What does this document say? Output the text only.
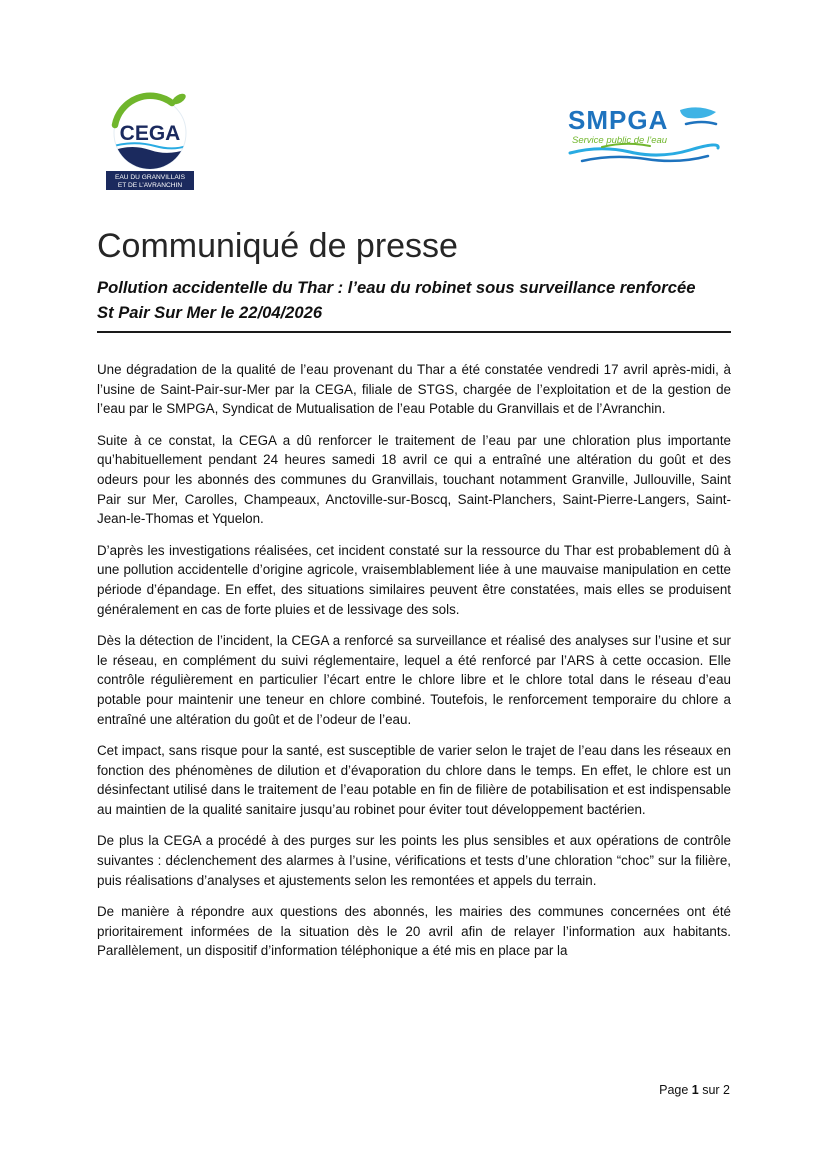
CEGA
EAU DU GRANVILLAIS
ET DE L’AVRANCHIN
SMPGA
Service public de l’eau
Communiqué de presse

Pollution accidentelle du Thar : l’eau du robinet sous surveillance renforcée

St Pair Sur Mer le 22/04/2026

Une dégradation de la qualité de l’eau provenant du Thar a été constatée vendredi 17 avril après-midi, à l’usine de Saint-Pair-sur-Mer par la CEGA, filiale de STGS, chargée de l’exploitation et de la gestion de l’eau par le SMPGA, Syndicat de Mutualisation de l’eau Potable du Granvillais et de l’Avranchin.

Suite à ce constat, la CEGA a dû renforcer le traitement de l’eau par une chloration plus importante qu’habituellement pendant 24 heures samedi 18 avril ce qui a entraîné une altération du goût et des odeurs pour les abonnés des communes du Granvillais, touchant notamment Granville, Jullouville, Saint Pair sur Mer, Carolles, Champeaux, Anctoville-sur-Boscq, Saint-Planchers, Saint-Pierre-Langers, Saint-Jean-le-Thomas et Yquelon.

D’après les investigations réalisées, cet incident constaté sur la ressource du Thar est probablement dû à une pollution accidentelle d’origine agricole, vraisemblablement liée à une mauvaise manipulation en cette période d’épandage. En effet, des situations similaires peuvent être constatées, mais elles se produisent généralement en cas de forte pluies et de lessivage des sols.

Dès la détection de l’incident, la CEGA a renforcé sa surveillance et réalisé des analyses sur l’usine et sur le réseau, en complément du suivi réglementaire, lequel a été renforcé par l’ARS à cette occasion. Elle contrôle régulièrement en particulier l’écart entre le chlore libre et le chlore total dans le réseau d’eau potable pour maintenir une teneur en chlore combiné. Toutefois, le renforcement temporaire du chlore a entraîné une altération du goût et de l’odeur de l’eau.

Cet impact, sans risque pour la santé, est susceptible de varier selon le trajet de l’eau dans les réseaux en fonction des phénomènes de dilution et d’évaporation du chlore dans le temps. En effet, le chlore est un désinfectant utilisé dans le traitement de l’eau potable en fin de filière de potabilisation et est indispensable au maintien de la qualité sanitaire jusqu’au robinet pour éviter tout développement bactérien.

De plus la CEGA a procédé à des purges sur les points les plus sensibles et aux opérations de contrôle suivantes : déclenchement des alarmes à l’usine, vérifications et tests d’une chloration “choc” sur la filière, puis réalisations d’analyses et ajustements selon les remontées et appels du terrain.

De manière à répondre aux questions des abonnés, les mairies des communes concernées ont été prioritairement informées de la situation dès le 20 avril afin de relayer l’information aux habitants. Parallèlement, un dispositif d’information téléphonique a été mis en place par la

Page 1 sur 2
